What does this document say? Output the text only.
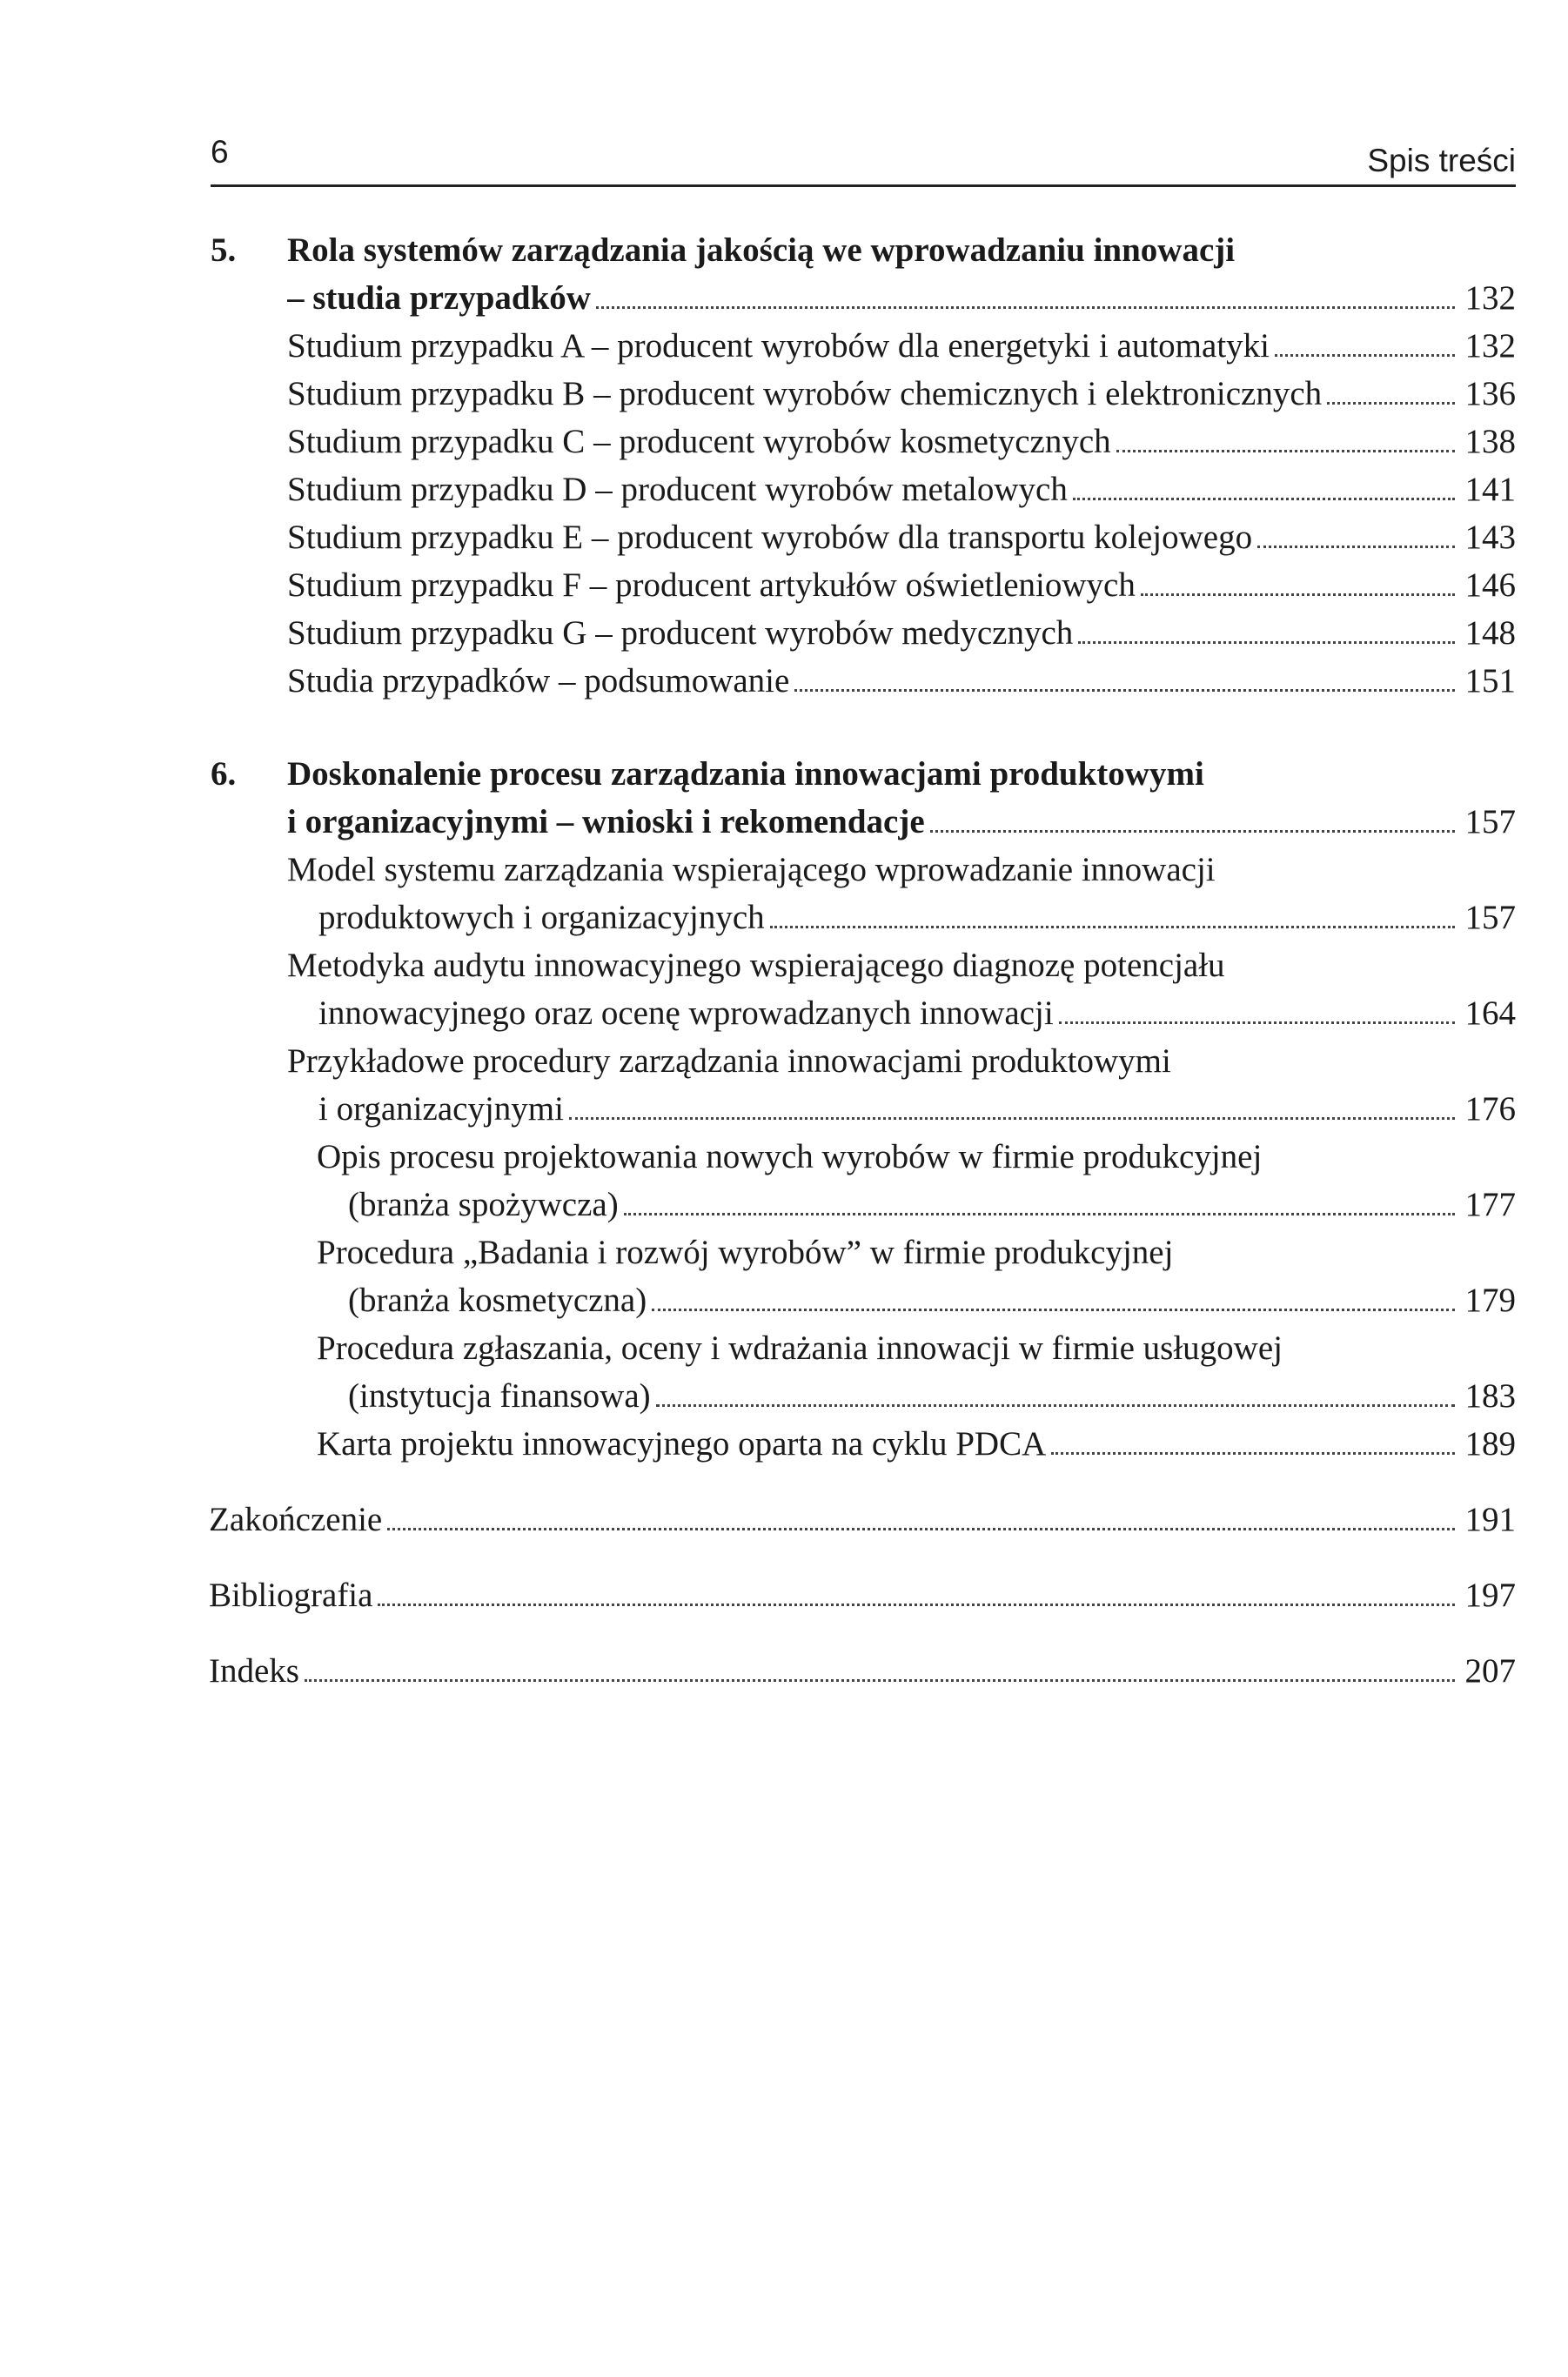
6	Spis treści
5.	Rola systemów zarządzania jakością we wprowadzaniu innowacji
– studia przypadków	132
Studium przypadku A – producent wyrobów dla energetyki i automatyki	132
Studium przypadku B – producent wyrobów chemicznych i elektronicznych	136
Studium przypadku C – producent wyrobów kosmetycznych	138
Studium przypadku D – producent wyrobów metalowych	141
Studium przypadku E – producent wyrobów dla transportu kolejowego	143
Studium przypadku F – producent artykułów oświetleniowych	146
Studium przypadku G – producent wyrobów medycznych	148
Studia przypadków – podsumowanie	151
6.	Doskonalenie procesu zarządzania innowacjami produktowymi
i organizacyjnymi – wnioski i rekomendacje	157
Model systemu zarządzania wspierającego wprowadzanie innowacji
produktowych i organizacyjnych	157
Metodyka audytu innowacyjnego wspierającego diagnozę potencjału
innowacyjnego oraz ocenę wprowadzanych innowacji	164
Przykładowe procedury zarządzania innowacjami produktowymi
i organizacyjnymi	176
Opis procesu projektowania nowych wyrobów w firmie produkcyjnej
(branża spożywcza)	177
Procedura „Badania i rozwój wyrobów” w firmie produkcyjnej
(branża kosmetyczna)	179
Procedura zgłaszania, oceny i wdrażania innowacji w firmie usługowej
(instytucja finansowa)	183
Karta projektu innowacyjnego oparta na cyklu PDCA	189
Zakończenie	191
Bibliografia	197
Indeks	207
